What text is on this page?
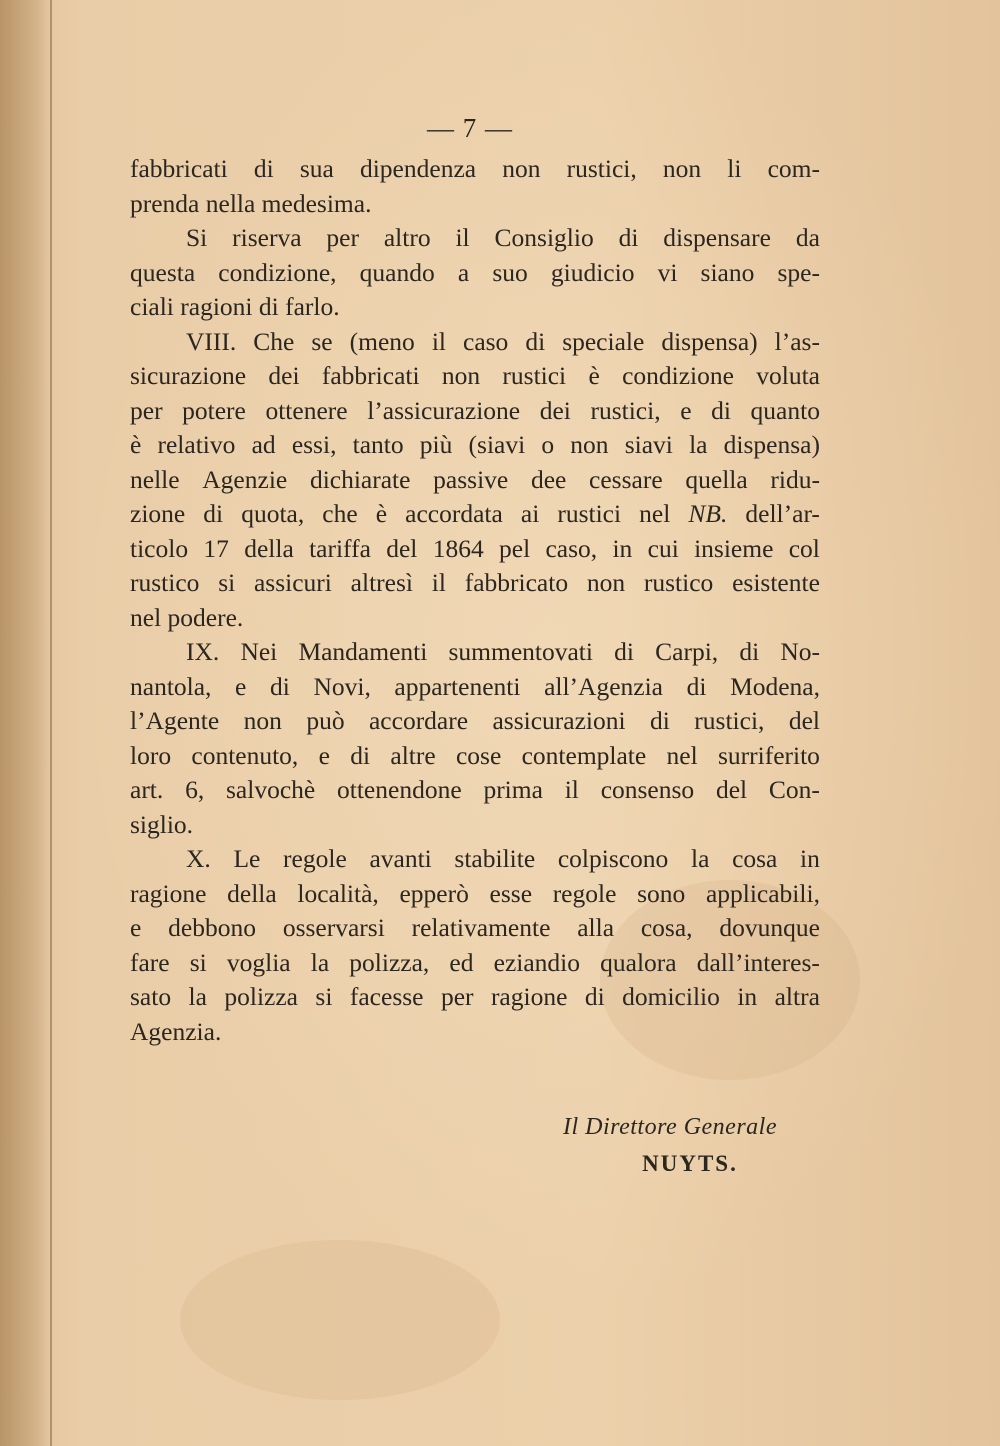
— 7 —
fabbricati di sua dipendenza non rustici, non li com-
prenda nella medesima.
Si riserva per altro il Consiglio di dispensare da
questa condizione, quando a suo giudicio vi siano spe-
ciali ragioni di farlo.
VIII. Che se (meno il caso di speciale dispensa) l’as-
sicurazione dei fabbricati non rustici è condizione voluta
per potere ottenere l’assicurazione dei rustici, e di quanto
è relativo ad essi, tanto più (siavi o non siavi la dispensa)
nelle Agenzie dichiarate passive dee cessare quella ridu-
zione di quota, che è accordata ai rustici nel NB. dell’ar-
ticolo 17 della tariffa del 1864 pel caso, in cui insieme col
rustico si assicuri altresì il fabbricato non rustico esistente
nel podere.
IX. Nei Mandamenti summentovati di Carpi, di No-
nantola, e di Novi, appartenenti all’Agenzia di Modena,
l’Agente non può accordare assicurazioni di rustici, del
loro contenuto, e di altre cose contemplate nel surriferito
art. 6, salvochè ottenendone prima il consenso del Con-
siglio.
X. Le regole avanti stabilite colpiscono la cosa in
ragione della località, epperò esse regole sono applicabili,
e debbono osservarsi relativamente alla cosa, dovunque
fare si voglia la polizza, ed eziandio qualora dall’interes-
sato la polizza si facesse per ragione di domicilio in altra
Agenzia.
Il Direttore Generale
NUYTS.
